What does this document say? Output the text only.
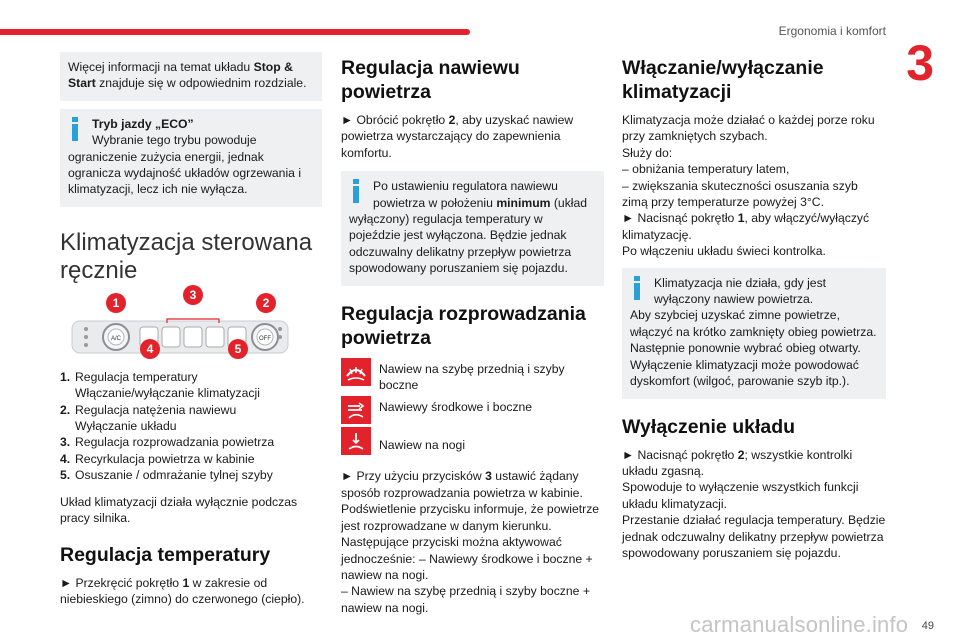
Ergonomia i komfort
3
Więcej informacji na temat układu Stop & Start znajduje się w odpowiednim rozdziale.
Tryb jazdy „ECO”
Wybranie tego trybu powoduje
ograniczenie zużycia energii, jednak ogranicza wydajność układów ogrzewania i klimatyzacji, lecz ich nie wyłącza.
Klimatyzacja sterowana ręcznie
A/C	OFF
1	2
3
4	5
1. Regulacja temperatury
Włączanie/wyłączanie klimatyzacji
2. Regulacja natężenia nawiewu
Wyłączanie układu
3. Regulacja rozprowadzania powietrza
4. Recyrkulacja powietrza w kabinie
5. Osuszanie / odmrażanie tylnej szyby

Układ klimatyzacji działa wyłącznie podczas pracy silnika.

Regulacja temperatury

► Przekręcić pokrętło 1 w zakresie od niebieskiego (zimno) do czerwonego (ciepło).

Regulacja nawiewu powietrza

► Obrócić pokrętło 2, aby uzyskać nawiew powietrza wystarczający do zapewnienia komfortu.

Po ustawieniu regulatora nawiewu
powietrza w położeniu minimum (układ
wyłączony) regulacja temperatury w pojeździe jest wyłączona. Będzie jednak odczuwalny delikatny przepływ powietrza spowodowany poruszaniem się pojazdu.
Regulacja rozprowadzania powietrza
Nawiew na szybę przednią i szyby boczne
Nawiewy środkowe i boczne
Nawiew na nogi

► Przy użyciu przycisków 3 ustawić żądany sposób rozprowadzania powietrza w kabinie.

Podświetlenie przycisku informuje, że powietrze jest rozprowadzane w danym kierunku.

Następujące przyciski można aktywować jednocześnie: – Nawiewy środkowe i boczne + nawiew na nogi.

– Nawiew na szybę przednią i szyby boczne + nawiew na nogi.

Włączanie/wyłączanie klimatyzacji

Klimatyzacja może działać o każdej porze roku przy zamkniętych szybach.

Służy do:

– obniżania temperatury latem,

– zwiększania skuteczności osuszania szyb zimą przy temperaturze powyżej 3°C.

► Nacisnąć pokrętło 1, aby włączyć/wyłączyć klimatyzację.

Po włączeniu układu świeci kontrolka.

Klimatyzacja nie działa, gdy jest
wyłączony nawiew powietrza.
Aby szybciej uzyskać zimne powietrze, włączyć na krótko zamknięty obieg powietrza. Następnie ponownie wybrać obieg otwarty. Wyłączenie klimatyzacji może powodować dyskomfort (wilgoć, parowanie szyb itp.).
Wyłączenie układu

► Nacisnąć pokrętło 2; wszystkie kontrolki układu zgasną.

Spowoduje to wyłączenie wszystkich funkcji układu klimatyzacji.

Przestanie działać regulacja temperatury. Będzie jednak odczuwalny delikatny przepływ powietrza spowodowany poruszaniem się pojazdu.

carmanualsonline.info 49
